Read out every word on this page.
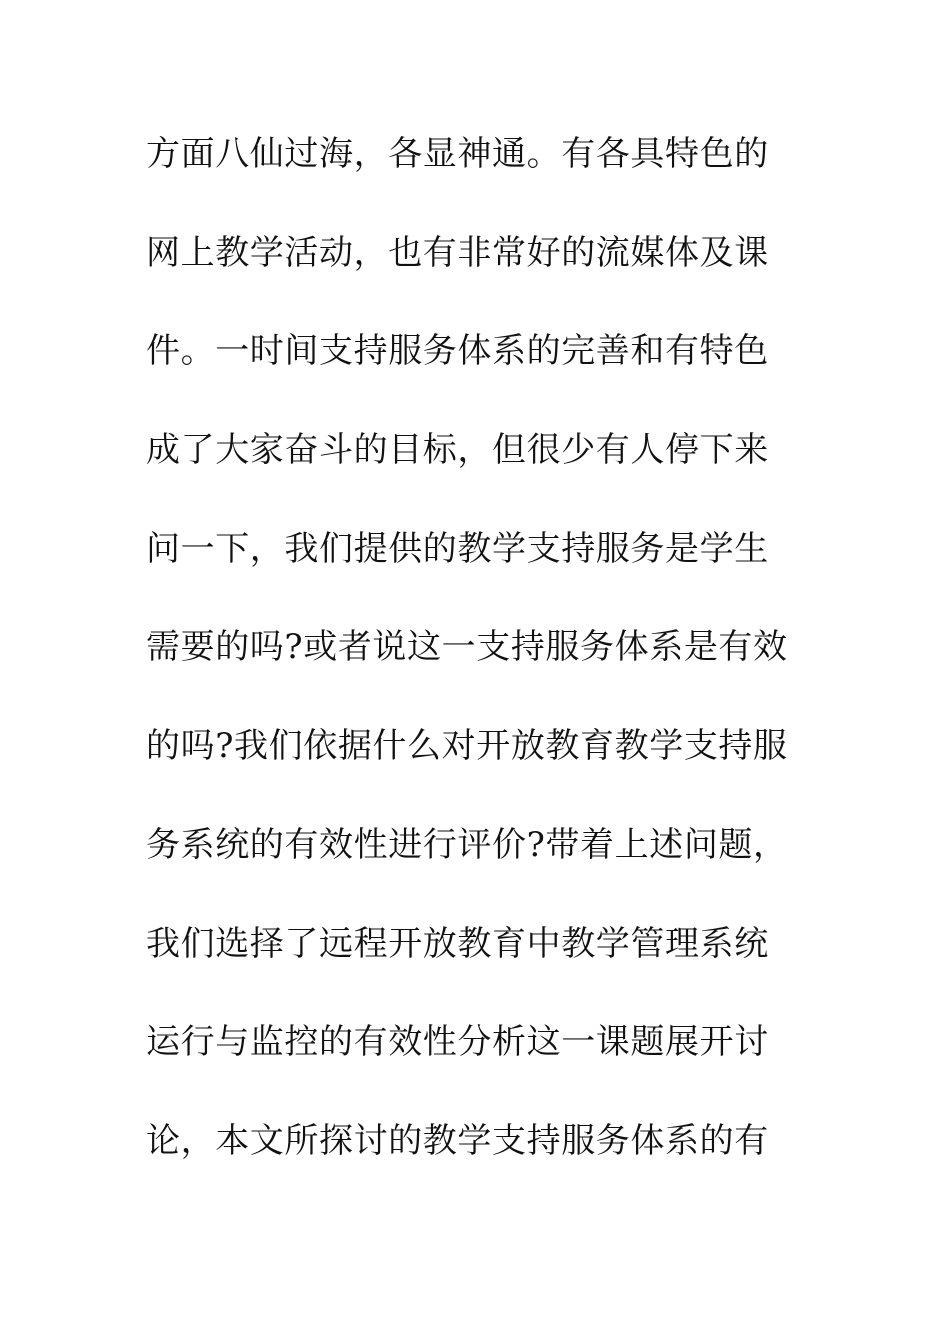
方面八仙过海，各显神通。有各具特色的
网上教学活动，也有非常好的流媒体及课
件。一时间支持服务体系的完善和有特色
成了大家奋斗的目标，但很少有人停下来
问一下，我们提供的教学支持服务是学生
需要的吗?或者说这一支持服务体系是有效
的吗?我们依据什么对开放教育教学支持服
务系统的有效性进行评价?带着上述问题，
我们选择了远程开放教育中教学管理系统
运行与监控的有效性分析这一课题展开讨
论，本文所探讨的教学支持服务体系的有
